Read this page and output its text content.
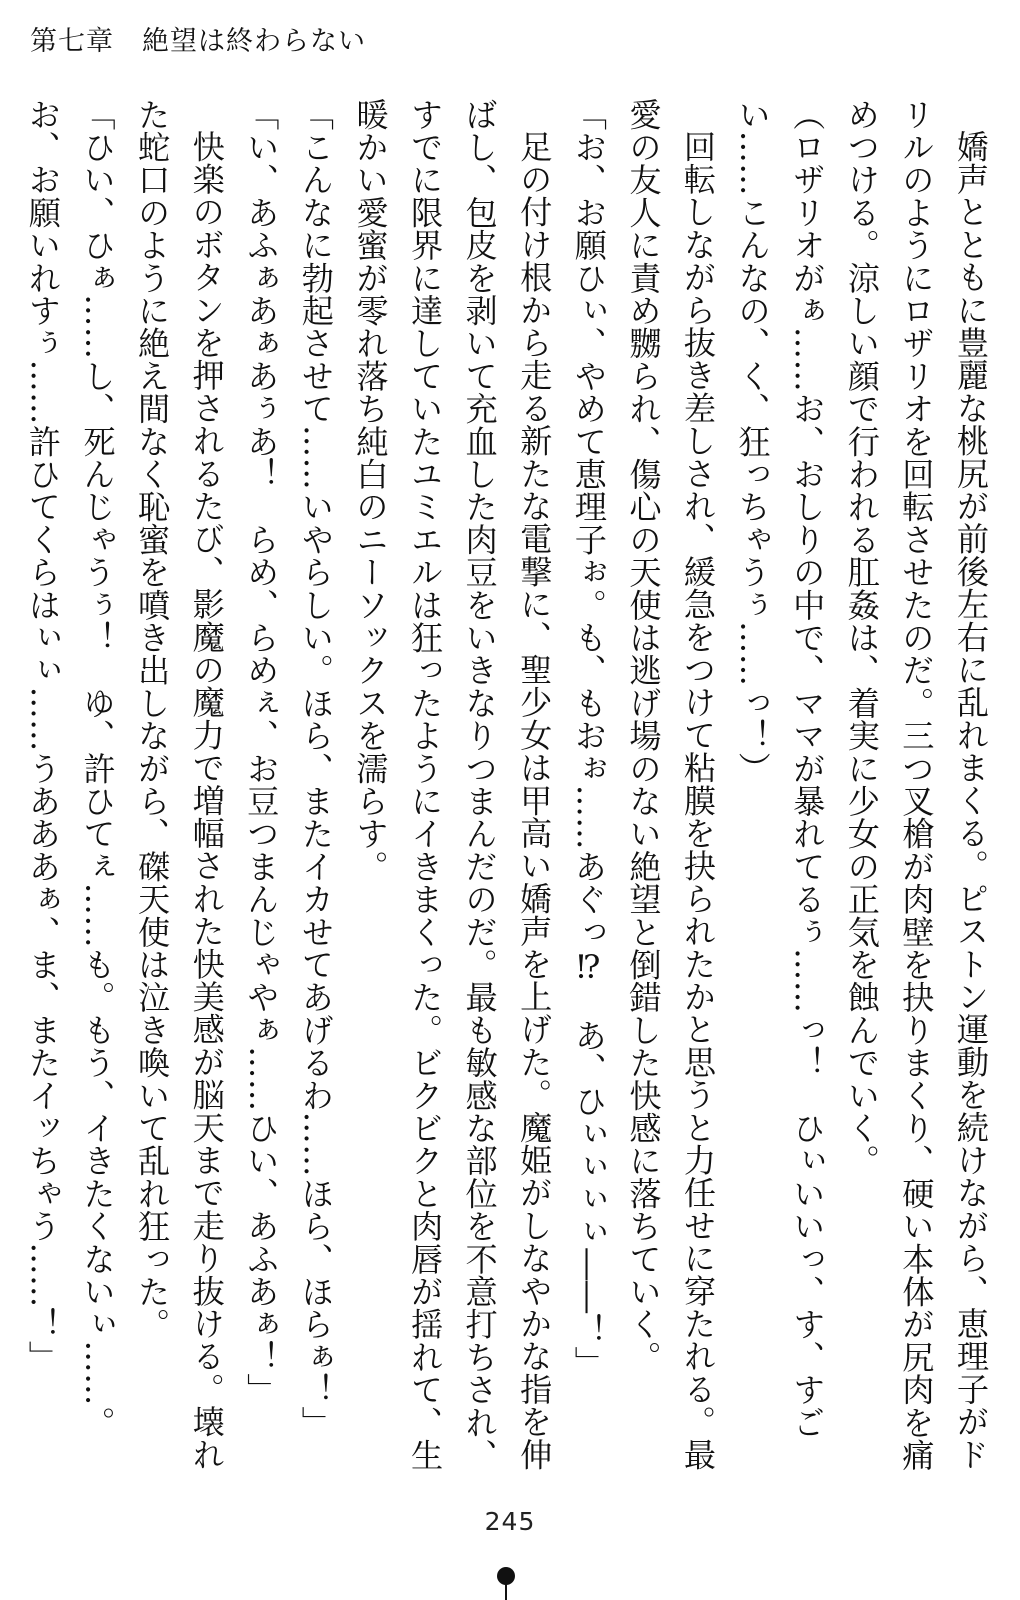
第七章 絶望は終わらない

嬌声とともに豊麗な桃尻が前後左右に乱れまくる。ピストン運動を続けながら、恵理子がドリルのようにロザリオを回転させたのだ。三つ叉槍が肉壁を抉りまくり、硬い本体が尻肉を痛めつける。涼しい顔で行われる肛姦は、着実に少女の正気を蝕んでいく。

（ロザリオがぁ……お、おしりの中で、ママが暴れてるぅ……っ！　ひぃいいっ、す、すごい……こんなの、く、狂っちゃうぅ……っ！）

回転しながら抜き差しされ、緩急をつけて粘膜を抉られたかと思うと力任せに穿たれる。最愛の友人に責め嬲られ、傷心の天使は逃げ場のない絶望と倒錯した快感に落ちていく。

「お、お願ひぃ、やめて恵理子ぉ。も、もおぉ……あぐっ⁉　あ、ひぃぃぃぃ――！」

足の付け根から走る新たな電撃に、聖少女は甲高い嬌声を上げた。魔姫がしなやかな指を伸ばし、包皮を剥いて充血した肉豆をいきなりつまんだのだ。最も敏感な部位を不意打ちされ、すでに限界に達していたユミエルは狂ったようにイきまくった。ビクビクと肉唇が揺れて、生暖かい愛蜜が零れ落ち純白のニーソックスを濡らす。

「こんなに勃起させて……いやらしい。ほら、またイカせてあげるわ……ほら、ほらぁ！」

「い、あふぁあぁあぅあ！　らめ、らめぇ、お豆つまんじゃやぁ……ひい、あふあぁ！」

快楽のボタンを押されるたび、影魔の魔力で増幅された快美感が脳天まで走り抜ける。壊れた蛇口のように絶え間なく恥蜜を噴き出しながら、磔天使は泣き喚いて乱れ狂った。

「ひい、ひぁ……し、死んじゃうぅ！　ゆ、許ひてぇ……も。もう、イきたくないぃ……。お、お願いれすぅ……許ひてくらはぃぃ……うあああぁ、ま、またイッちゃう……！」

245
